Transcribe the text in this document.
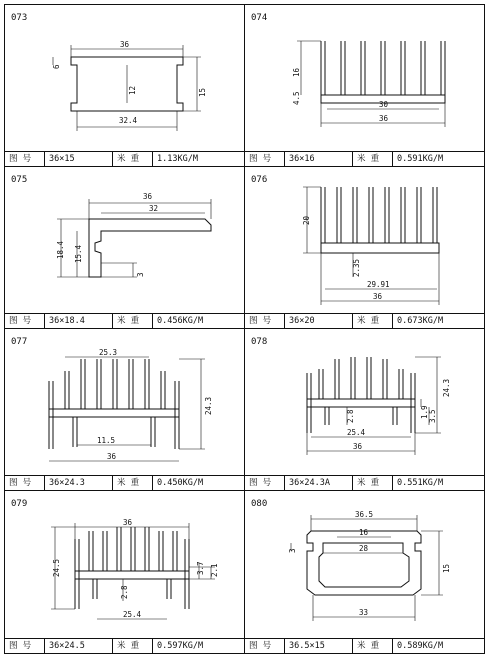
073
36
6
12	15
32.4
图 号	36×15	米 重	1.13KG/M
074
16
4.5	30
36
图 号	36×16	米 重	0.591KG/M
075
36
32
18.4 15.4
3
图 号	36×18.4	米 重	0.456KG/M
076
20
2.35
29.91
36
图 号	36×20	米 重	0.673KG/M
077
25.3
24.3
11.5
36
图 号	36×24.3	米 重	0.450KG/M
078
2.8
25.4
36
24.3
1.9 3.5
图 号	36×24.3A	米 重	0.551KG/M
079
36
24.5	3.7 2.1
2.8
25.4
图 号	36×24.5	米 重	0.597KG/M
080
36.5
16
3	28
15
33
图 号	36.5×15	米 重	0.589KG/M
